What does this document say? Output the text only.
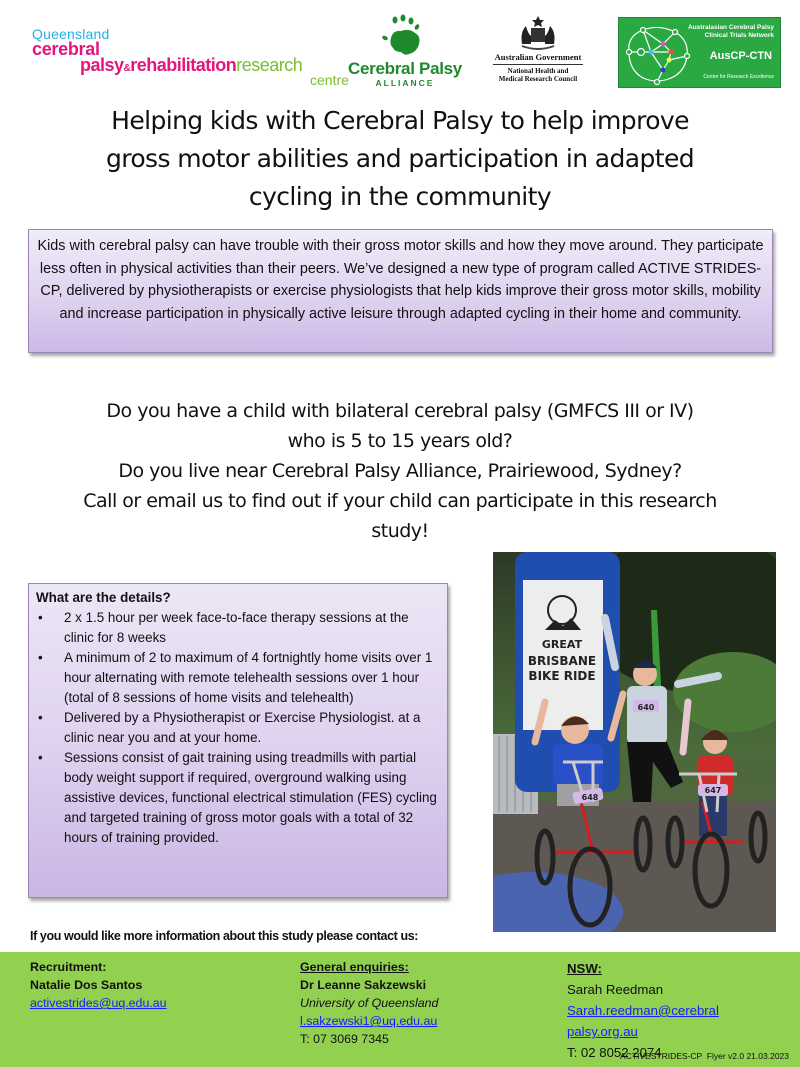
Queensland
cerebral
palsy&rehabilitationresearch
centre
Cerebral Palsy
ALLIANCE
Australian Government
National Health and
Medical Research Council
Australasian Cerebral Palsy
Clinical Trials Network
AusCP-CTN
Centre for Research Excellence
Helping kids with Cerebral Palsy to help improve
gross motor abilities and participation in adapted
cycling in the community

Kids with cerebral palsy can have trouble with their gross motor skills and how they move around. They participate less often in physical activities than their peers. We’ve designed a new type of program called ACTIVE STRIDES-CP, delivered by physiotherapists or exercise physiologists that help kids improve their gross motor skills, mobility and increase participation in physically active leisure through adapted cycling in their home and community.

Do you have a child with bilateral cerebral palsy (GMFCS III or IV)
who is 5 to 15 years old?
Do you live near Cerebral Palsy Alliance, Prairiewood, Sydney?
Call or email us to find out if your child can participate in this research
study!
What are the details?
• 2 x 1.5 hour per week face-to-face therapy sessions at the clinic for 8 weeks
• A minimum of 2 to maximum of 4 fortnightly home visits over 1 hour alternating with remote telehealth sessions over 1 hour (total of 8 sessions of home visits and telehealth)
• Delivered by a Physiotherapist or Exercise Physiologist. at a clinic near you and at your home.
• Sessions consist of gait training using treadmills with partial body weight support if required, overground walking using assistive devices, functional electrical stimulation (FES) cycling and targeted training of gross motor goals with a total of 32 hours of training provided.
GREAT
BRISBANE
BIKE RIDE
640
648
647
If you would like more information about this study please contact us:
Recruitment:
Natalie Dos Santos
activestrides@uq.edu.au
General enquiries:
Dr Leanne Sakzewski
University of Queensland
l.sakzewski1@uq.edu.au
T: 07 3069 7345
NSW:
Sarah Reedman
Sarah.reedman@cerebral
palsy.org.au
T: 02 8052 2074
ACTIVESTRIDES-CP  Flyer v2.0 21.03.2023
